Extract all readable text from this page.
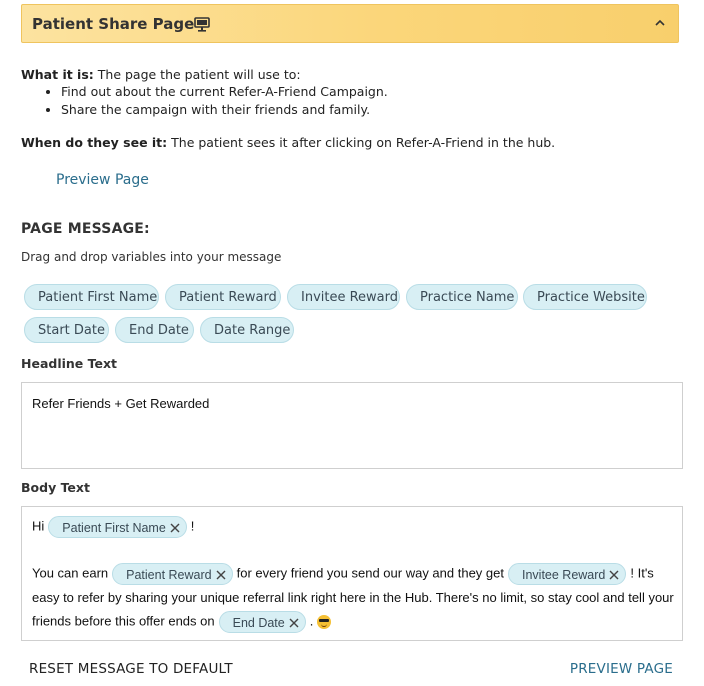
Patient Share Page
What it is: The page the patient will use to:
• Find out about the current Refer-A-Friend Campaign.
• Share the campaign with their friends and family.
When do they see it: The patient sees it after clicking on Refer-A-Friend in the hub.
Preview Page
PAGE MESSAGE:
Drag and drop variables into your message
Patient First Name	Patient Reward	Invitee Reward	Practice Name	Practice Website
Start Date	End Date	Date Range
Headline Text
Refer Friends + Get Rewarded
Body Text
Hi Patient First Name !
You can earn Patient Reward for every friend you send our way and they get Invitee Reward ! It's
easy to refer by sharing your unique referral link right here in the Hub. There's no limit, so stay cool and tell your
friends before this offer ends on End Date .
RESET MESSAGE TO DEFAULT	PREVIEW PAGE
